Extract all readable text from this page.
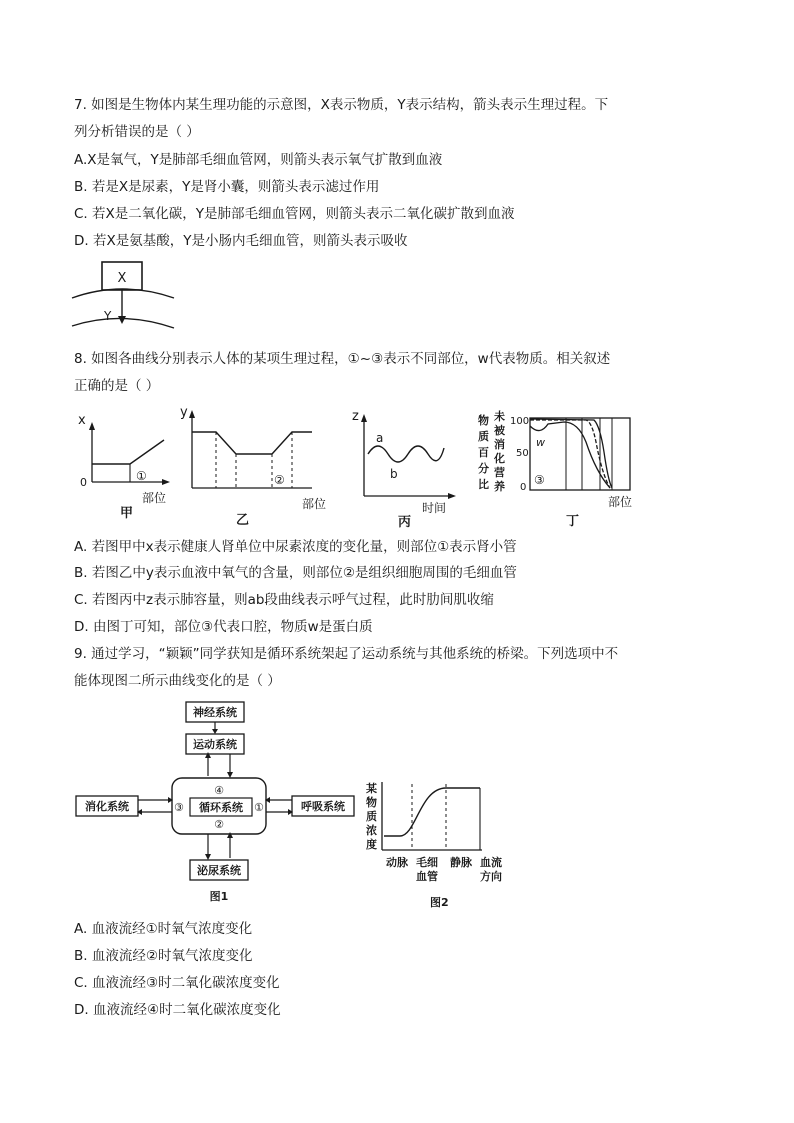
7. 如图是生物体内某生理功能的示意图，X表示物质，Y表示结构，箭头表示生理过程。下
列分析错误的是（ ）
A.X是氧气，Y是肺部毛细血管网，则箭头表示氧气扩散到血液
B. 若是X是尿素，Y是肾小囊，则箭头表示滤过作用
C. 若X是二氧化碳，Y是肺部毛细血管网，则箭头表示二氧化碳扩散到血液
D. 若X是氨基酸，Y是小肠内毛细血管，则箭头表示吸收
X
Y
8. 如图各曲线分别表示人体的某项生理过程，①~③表示不同部位，w代表物质。相关叙述
正确的是（ ）
x
0	①
部位
甲
y
②
部位
乙
z
a
b
时间
丙
物
质
百
分
比
未
被
消
化
营
养
100
50
0
w
③
部位
丁
A. 若图甲中x表示健康人肾单位中尿素浓度的变化量，则部位①表示肾小管
B. 若图乙中y表示血液中氧气的含量，则部位②是组织细胞周围的毛细血管
C. 若图丙中z表示肺容量，则ab段曲线表示呼气过程，此时肋间肌收缩
D. 由图丁可知，部位③代表口腔，物质w是蛋白质
9. 通过学习，“颖颖”同学获知是循环系统架起了运动系统与其他系统的桥梁。下列选项中不
能体现图二所示曲线变化的是（ ）
神经系统
运动系统
④
循环系统
③	①
②
消化系统	呼吸系统
泌尿系统
图1
某
物
质
浓
度
动脉 毛细
血管
静脉 血流
方向
图2
A. 血液流经①时氧气浓度变化
B. 血液流经②时氧气浓度变化
C. 血液流经③时二氧化碳浓度变化
D. 血液流经④时二氧化碳浓度变化
